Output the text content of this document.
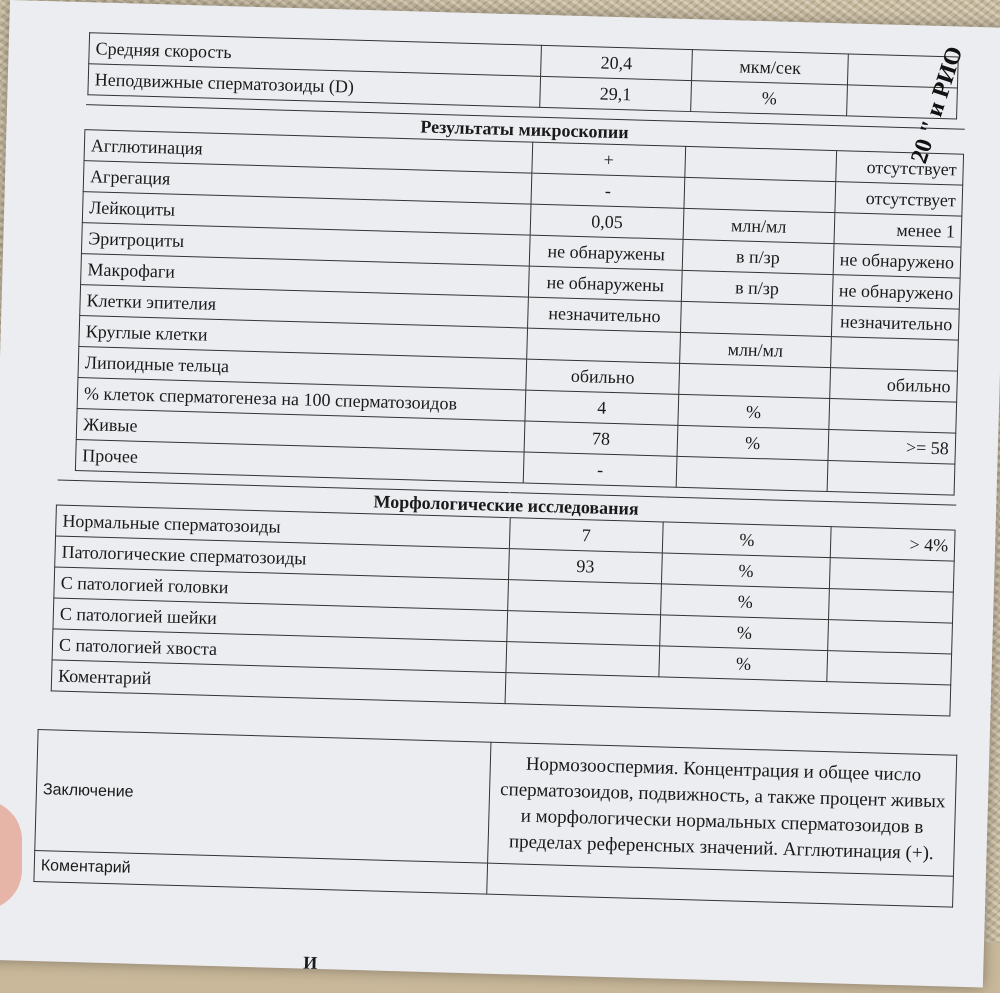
Средняя скорость	20,4	мкм/сек	
Неподвижные сперматозоиды (D)	29,1	%	
Результаты микроскопии			
Агглютинация	+		отсутствует
Агрегация	-		отсутствует
Лейкоциты	0,05	млн/мл	менее 1
Эритроциты	не обнаружены	в п/зр	не обнаружено
Макрофаги	не обнаружены	в п/зр	не обнаружено
Клетки эпителия	незначительно		незначительно
Круглые клетки		млн/мл	
Липоидные тельца	обильно		обильно
% клеток сперматогенеза на 100 сперматозоидов	4	%	
Живые	78	%	>= 58
Прочее	-		
Морфологические исследования			
Нормальные сперматозоиды	7	%	> 4%
Патологические сперматозоиды	93	%	
С патологией головки		%	
С патологией шейки		%	
С патологией хвоста		%	
Коментарий			
Заключение	Нормозооспермия. Концентрация и общее число сперматозоидов, подвижность, а также процент живых и морфологически нормальных сперматозоидов в пределах референсных значений. Агглютинация (+).
Коментарий	
И
